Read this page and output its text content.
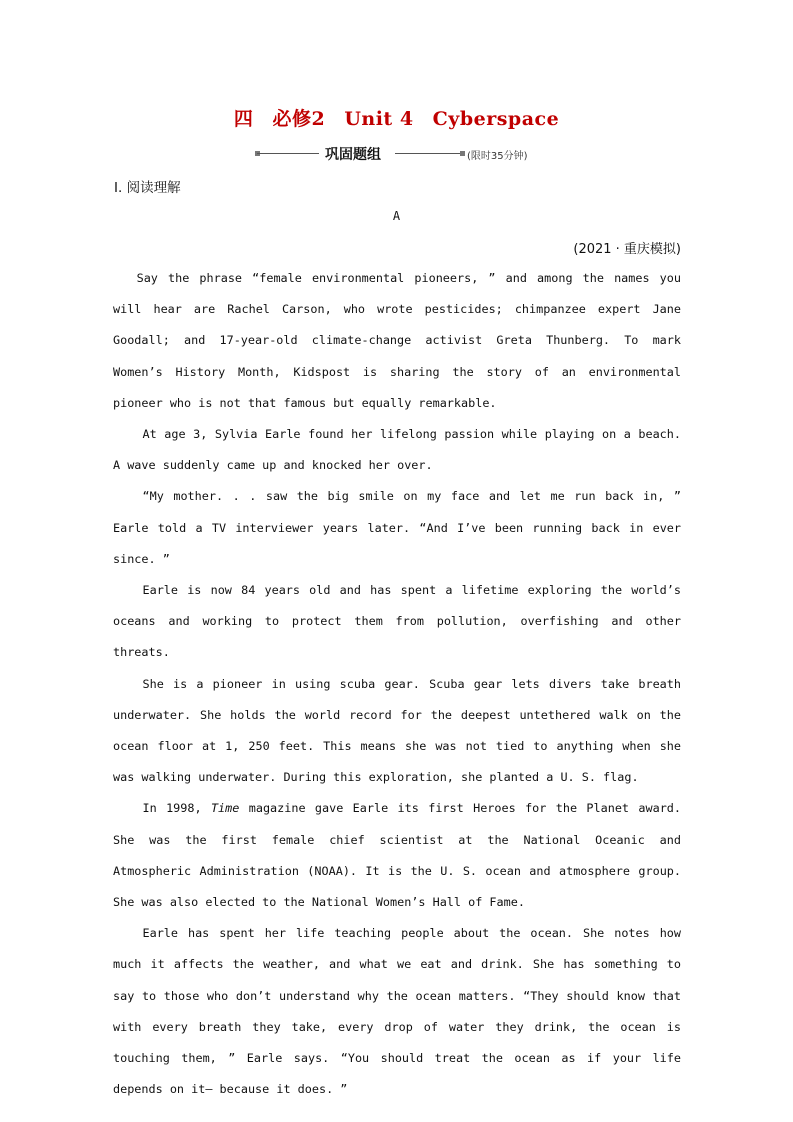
四 必修2 Unit 4 Cyberspace
巩固题组	(限时35分钟)
Ⅰ. 阅读理解
A
(2021 · 重庆模拟)

Say the phrase “female environmental pioneers, ” and among the names you will hear are Rachel Carson, who wrote pesticides; chimpanzee expert Jane Goodall; and 17-year-old climate-change activist Greta Thunberg. To mark Women’s History Month, Kidspost is sharing the story of an environmental pioneer who is not that famous but equally remarkable.

At age 3, Sylvia Earle found her lifelong passion while playing on a beach. A wave suddenly came up and knocked her over.

“My mother. . . saw the big smile on my face and let me run back in, ” Earle told a TV interviewer years later. “And I’ve been running back in ever since. ”

Earle is now 84 years old and has spent a lifetime exploring the world’s oceans and working to protect them from pollution, overfishing and other threats.

She is a pioneer in using scuba gear. Scuba gear lets divers take breath underwater. She holds the world record for the deepest untethered walk on the ocean floor at 1, 250 feet. This means she was not tied to anything when she was walking underwater. During this exploration, she planted a U. S. flag.

In 1998, Time magazine gave Earle its first Heroes for the Planet award. She was the first female chief scientist at the National Oceanic and Atmospheric Administration (NOAA). It is the U. S. ocean and atmosphere group. She was also elected to the National Women’s Hall of Fame.

Earle has spent her life teaching people about the ocean. She notes how much it affects the weather, and what we eat and drink. She has something to say to those who don’t understand why the ocean matters. “They should know that with every breath they take, every drop of water they drink, the ocean is touching them, ” Earle says. “You should treat the ocean as if your life depends on it— because it does. ”
